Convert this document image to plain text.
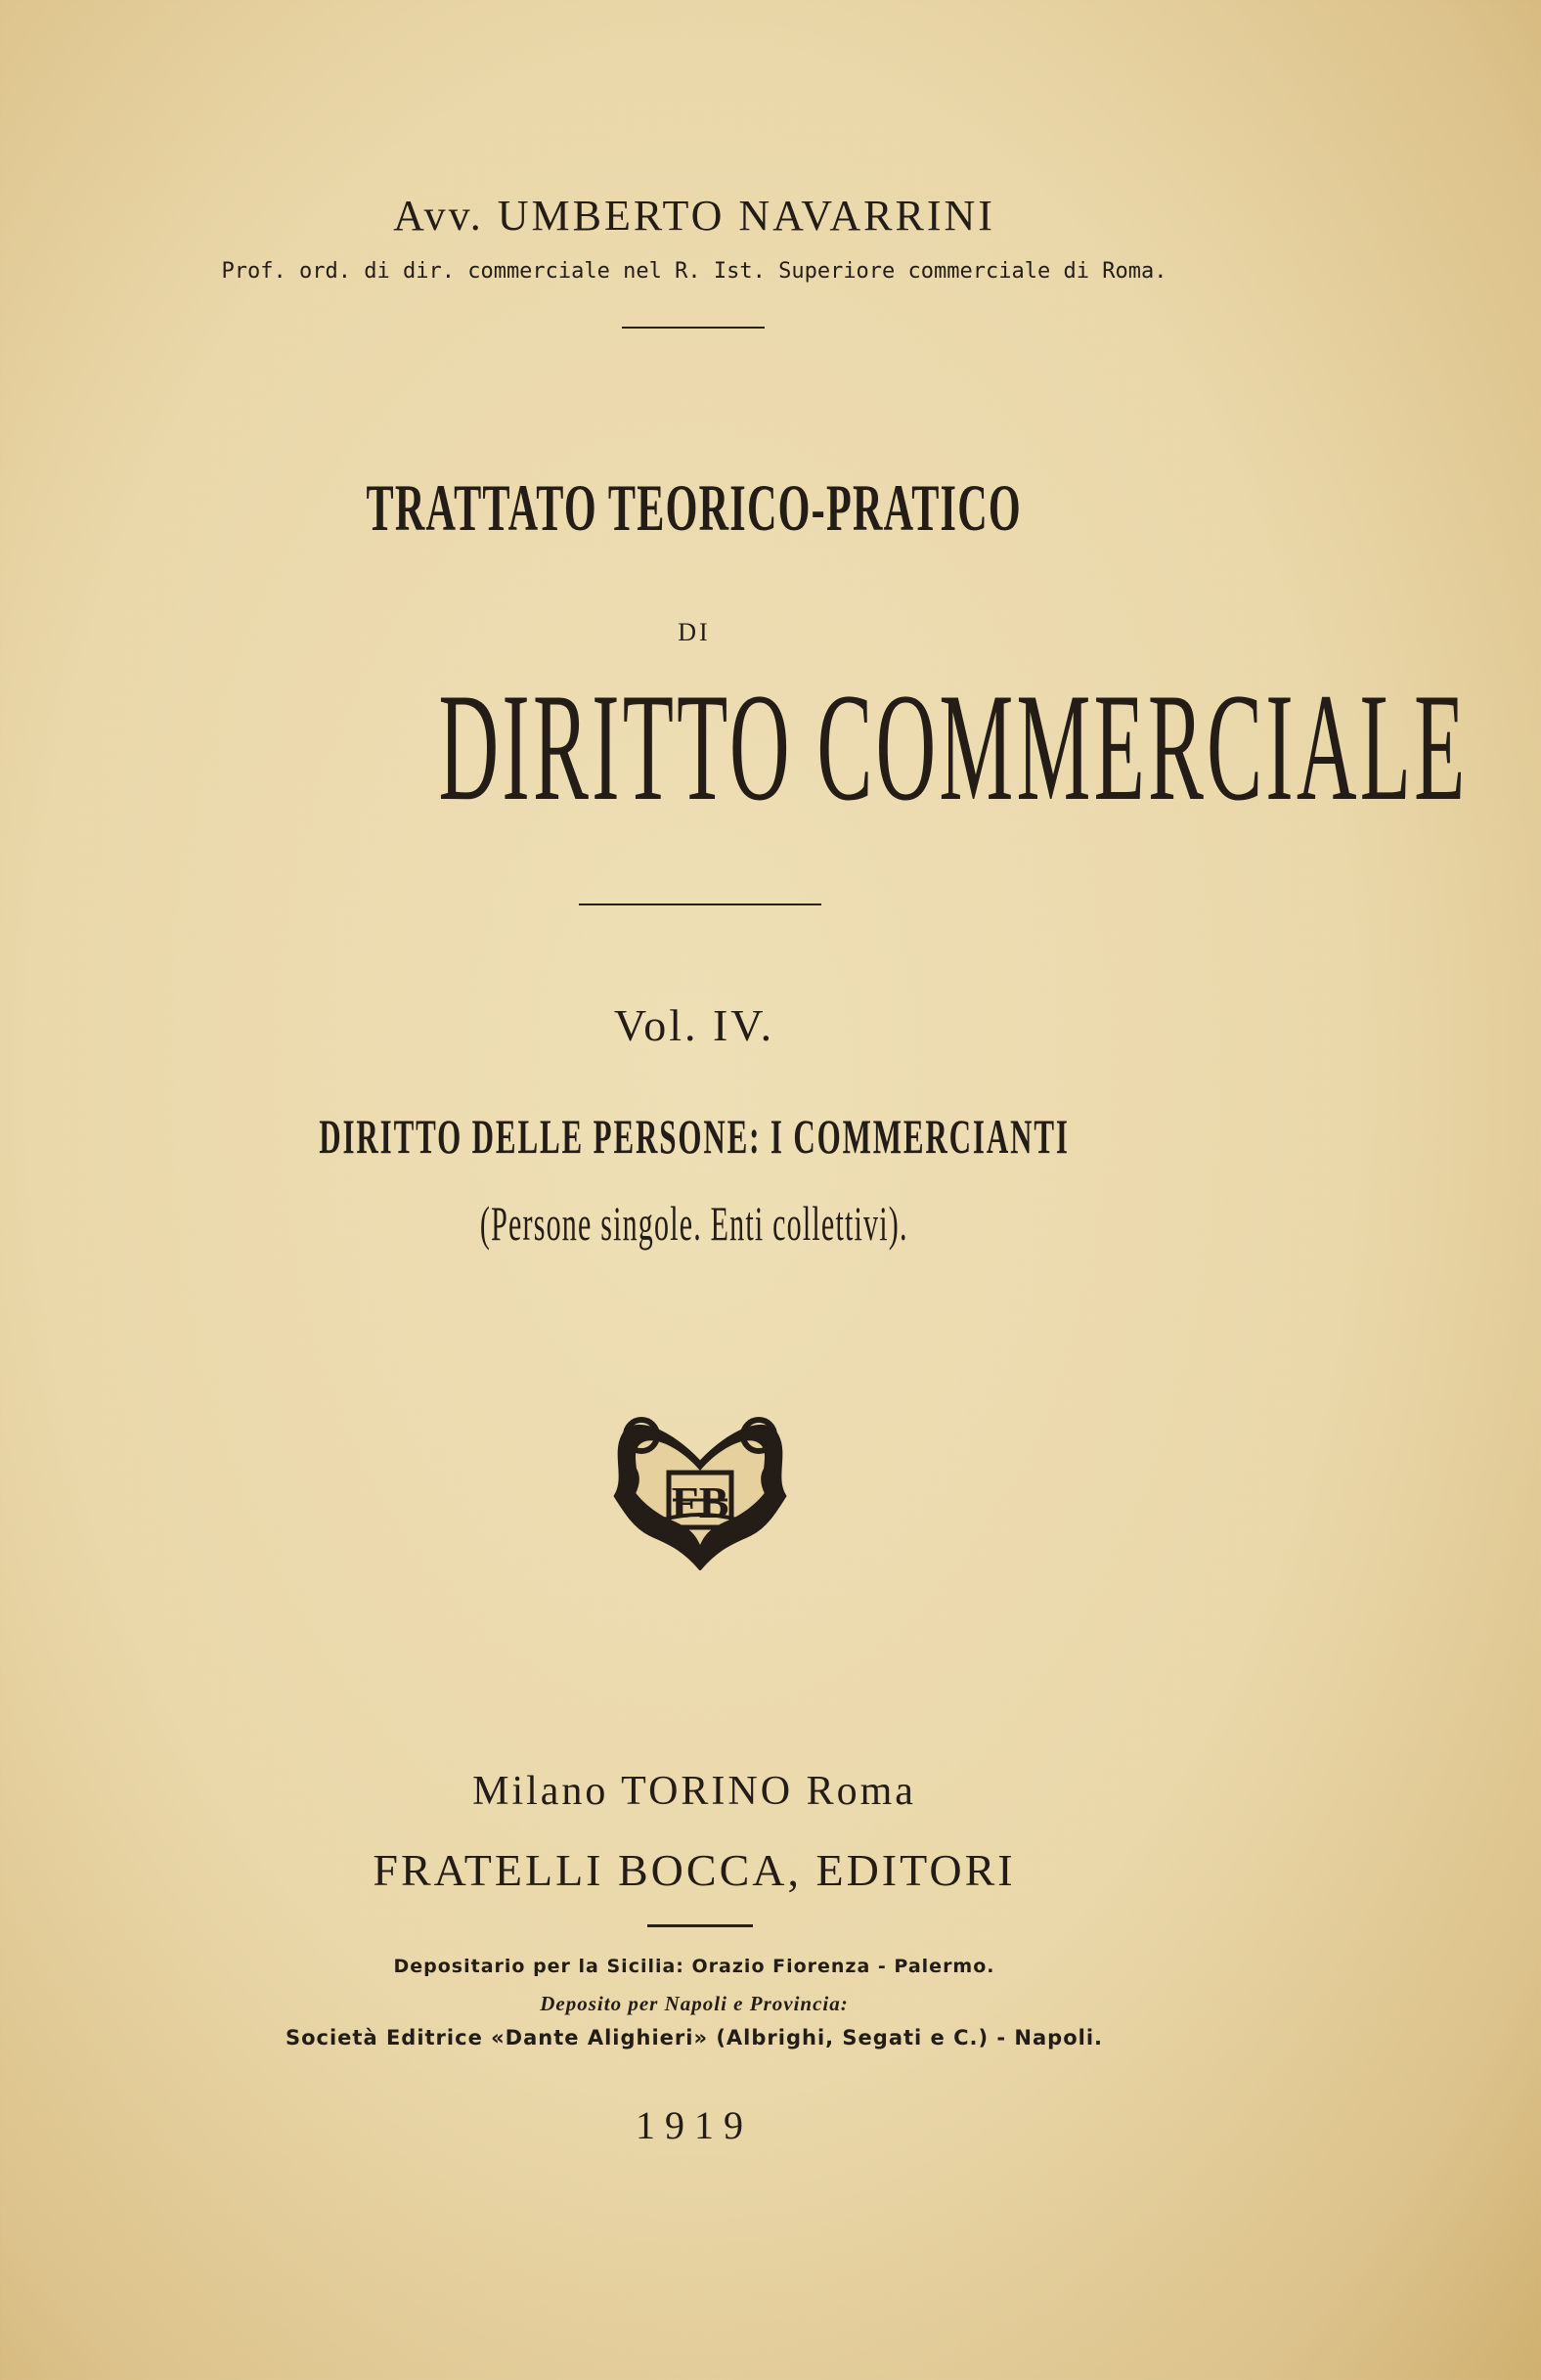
Avv. UMBERTO NAVARRINI
Prof. ord. di dir. commerciale nel R. Ist. Superiore commerciale di Roma.
TRATTATO TEORICO-PRATICO
DI
DIRITTO COMMERCIALE
Vol. IV.
DIRITTO DELLE PERSONE: I COMMERCIANTI
(Persone singole. Enti collettivi).
FB
Milano TORINO Roma
FRATELLI BOCCA, EDITORI
Depositario per la Sicilia: Orazio Fiorenza - Palermo.
Deposito per Napoli e Provincia:
Società Editrice «Dante Alighieri» (Albrighi, Segati e C.) - Napoli.
1919
